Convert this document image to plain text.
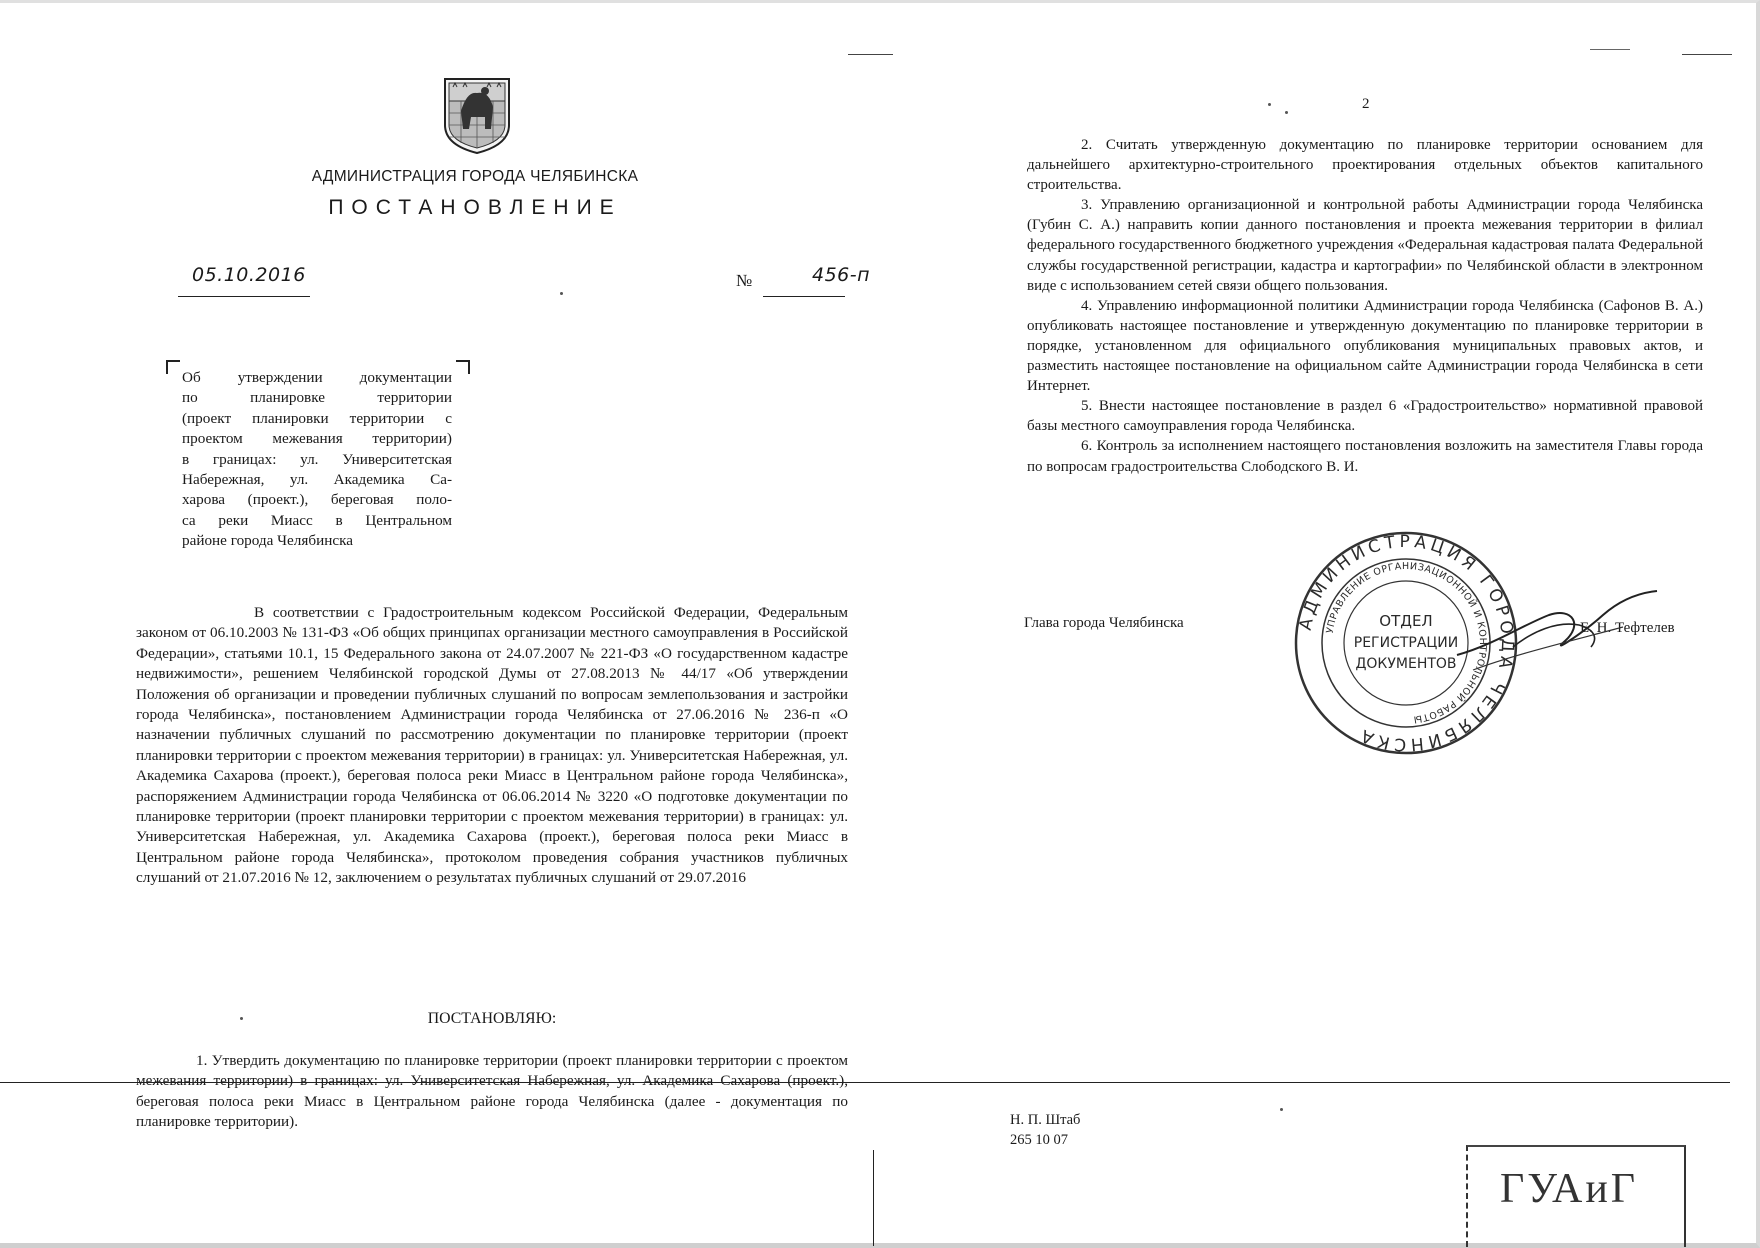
АДМИНИСТРАЦИЯ ГОРОДА ЧЕЛЯБИНСКА
ПОСТАНОВЛЕНИЕ
05.10.2016	№	456-п
Об утверждении документации
по планировке территории
(проект планировки территории с
проектом межевания территории)
в границах: ул. Университетская
Набережная, ул. Академика Са-
харова (проект.), береговая поло-
са реки Миасс в Центральном
районе города Челябинска

В соответствии с Градостроительным кодексом Российской Федерации, Федеральным законом от 06.10.2003 № 131-ФЗ «Об общих принципах организации местного самоуправления в Российской Федерации», статьями 10.1, 15 Федерального закона от 24.07.2007 № 221-ФЗ «О государственном кадастре недвижимости», решением Челябинской городской Думы от 27.08.2013 № 44/17 «Об утверждении Положения об организации и проведении публичных слушаний по вопросам землепользования и застройки города Челябинска», постановлением Администрации города Челябинска от 27.06.2016 № 236-п «О назначении публичных слушаний по рассмотрению документации по планировке территории (проект планировки территории с проектом межевания территории) в границах: ул. Университетская Набережная, ул. Академика Сахарова (проект.), береговая полоса реки Миасс в Центральном районе города Челябинска», распоряжением Администрации города Челябинска от 06.06.2014 № 3220 «О подготовке документации по планировке территории (проект планировки территории с проектом межевания территории) в границах: ул. Университетская Набережная, ул. Академика Сахарова (проект.), береговая полоса реки Миасс в Центральном районе города Челябинска», протоколом проведения собрания участников публичных слушаний от 21.07.2016 № 12, заключением о результатах публичных слушаний от 29.07.2016

ПОСТАНОВЛЯЮ:

1. Утвердить документацию по планировке территории (проект планировки территории с проектом межевания территории) в границах: ул. Университетская Набережная, ул. Академика Сахарова (проект.), береговая полоса реки Миасс в Центральном районе города Челябинска (далее - документация по планировке территории).

2

2. Считать утвержденную документацию по планировке территории основанием для дальнейшего архитектурно-строительного проектирования отдельных объектов капитального строительства.

3. Управлению организационной и контрольной работы Администрации города Челябинска (Губин С. А.) направить копии данного постановления и проекта межевания территории в филиал федерального государственного бюджетного учреждения «Федеральная кадастровая палата Федеральной службы государственной регистрации, кадастра и картографии» по Челябинской области в электронном виде с использованием сетей связи общего пользования.

4. Управлению информационной политики Администрации города Челябинска (Сафонов В. А.) опубликовать настоящее постановление и утвержденную документацию по планировке территории в порядке, установленном для официального опубликования муниципальных правовых актов, и разместить настоящее постановление на официальном сайте Администрации города Челябинска в сети Интернет.

5. Внести настоящее постановление в раздел 6 «Градостроительство» нормативной правовой базы местного самоуправления города Челябинска.

6. Контроль за исполнением настоящего постановления возложить на заместителя Главы города по вопросам градостроительства Слободского В. И.

Глава города Челябинска	Е. Н. Тефтелев
АДМИНИСТРАЦИЯ ГОРОДА ЧЕЛЯБИНСКА
УПРАВЛЕНИЕ ОРГАНИЗАЦИОННОЙ И КОНТРОЛЬНОЙ РАБОТЫ
ОТДЕЛ
РЕГИСТРАЦИИ
ДОКУМЕНТОВ
Н. П. Штаб
265 10 07
ГУАиГ
